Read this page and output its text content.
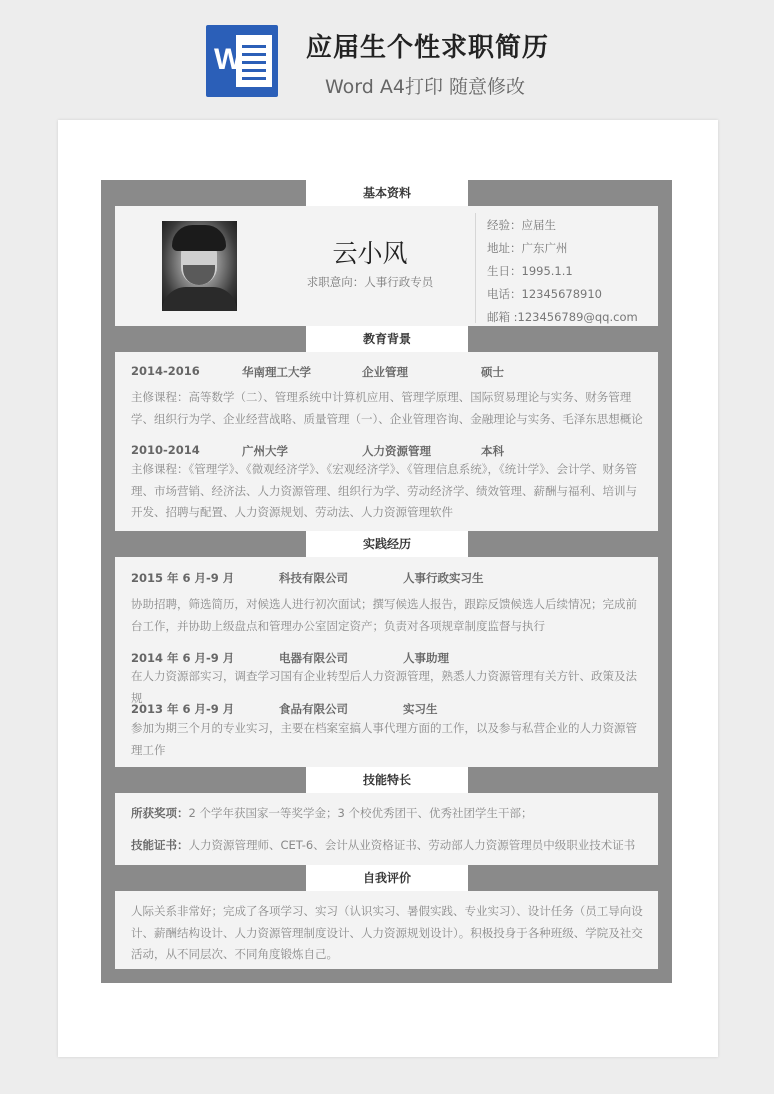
W 应届生个性求职简历
Word A4打印 随意修改
基本资料
教育背景
实践经历
技能特长
自我评价
云小风
求职意向：人事行政专员
经验：应届生
地址：广东广州
生日：1995.1.1
电话：12345678910
邮箱 :123456789@qq.com
2014-2016	华南理工大学	企业管理	硕士
主修课程：高等数学（二）、管理系统中计算机应用、管理学原理、国际贸易理论与实务、财务管理学、组织行为学、企业经营战略、质量管理（一）、企业管理咨询、金融理论与实务、毛泽东思想概论
2010-2014	广州大学	人力资源管理	本科
主修课程：《管理学》、《微观经济学》、《宏观经济学》、《管理信息系统》，《统计学》、会计学、财务管理、市场营销、经济法、人力资源管理、组织行为学、劳动经济学、绩效管理、薪酬与福利、培训与开发、招聘与配置、人力资源规划、劳动法、人力资源管理软件
2015 年 6 月-9 月	科技有限公司	人事行政实习生
协助招聘，筛选简历，对候选人进行初次面试；撰写候选人报告，跟踪反馈候选人后续情况；完成前台工作，并协助上级盘点和管理办公室固定资产；负责对各项规章制度监督与执行
2014 年 6 月-9 月	电器有限公司	人事助理
在人力资源部实习，调查学习国有企业转型后人力资源管理，熟悉人力资源管理有关方针、政策及法规
2013 年 6 月-9 月	食品有限公司	实习生
参加为期三个月的专业实习，主要在档案室搞人事代理方面的工作，以及参与私营企业的人力资源管理工作
所获奖项：2 个学年获国家一等奖学金；3 个校优秀团干、优秀社团学生干部；
技能证书：人力资源管理师、CET-6、会计从业资格证书、劳动部人力资源管理员中级职业技术证书
人际关系非常好；完成了各项学习、实习（认识实习、暑假实践、专业实习）、设计任务（员工导向设计、薪酬结构设计、人力资源管理制度设计、人力资源规划设计）。积极投身于各种班级、学院及社交活动，从不同层次、不同角度锻炼自己。
